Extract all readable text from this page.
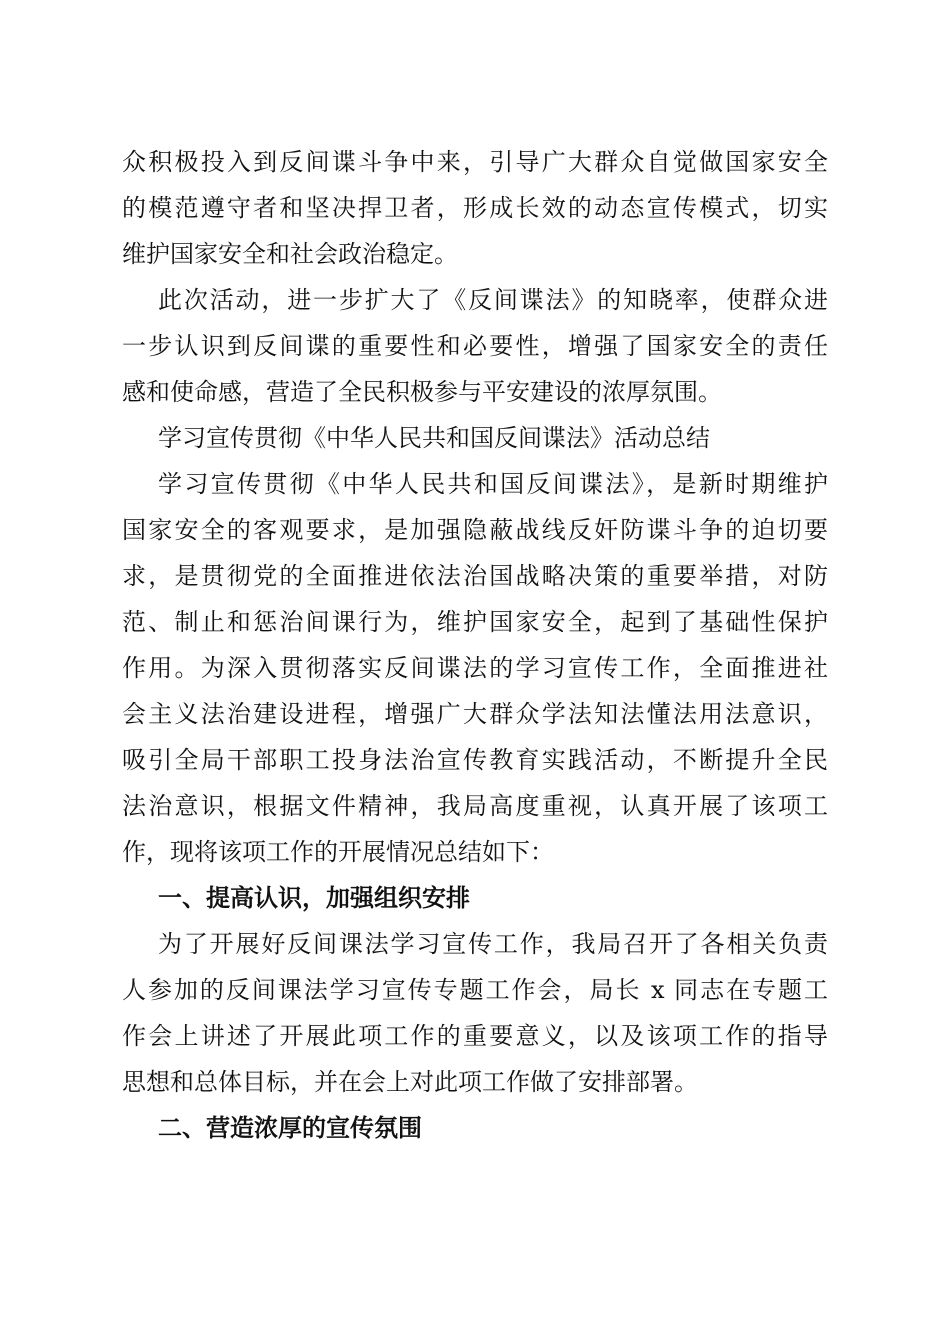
众积极投入到反间谍斗争中来，引导广大群众自觉做国家安全
的模范遵守者和坚决捍卫者，形成长效的动态宣传模式，切实
维护国家安全和社会政治稳定。
此次活动，进一步扩大了《反间谍法》的知晓率，使群众进
一步认识到反间谍的重要性和必要性，增强了国家安全的责任
感和使命感，营造了全民积极参与平安建设的浓厚氛围。
学习宣传贯彻《中华人民共和国反间谍法》活动总结
学习宣传贯彻《中华人民共和国反间谍法》，是新时期维护
国家安全的客观要求，是加强隐蔽战线反奸防谍斗争的迫切要
求，是贯彻党的全面推进依法治国战略决策的重要举措，对防
范、制止和惩治间课行为，维护国家安全，起到了基础性保护
作用。为深入贯彻落实反间谍法的学习宣传工作，全面推进社
会主义法治建设进程，增强广大群众学法知法懂法用法意识，
吸引全局干部职工投身法治宣传教育实践活动，不断提升全民
法治意识，根据文件精神，我局高度重视，认真开展了该项工
作，现将该项工作的开展情况总结如下：
一、提高认识，加强组织安排
为了开展好反间课法学习宣传工作，我局召开了各相关负责
人参加的反间课法学习宣传专题工作会，局长 x 同志在专题工
作会上讲述了开展此项工作的重要意义，以及该项工作的指导
思想和总体目标，并在会上对此项工作做了安排部署。
二、营造浓厚的宣传氛围
